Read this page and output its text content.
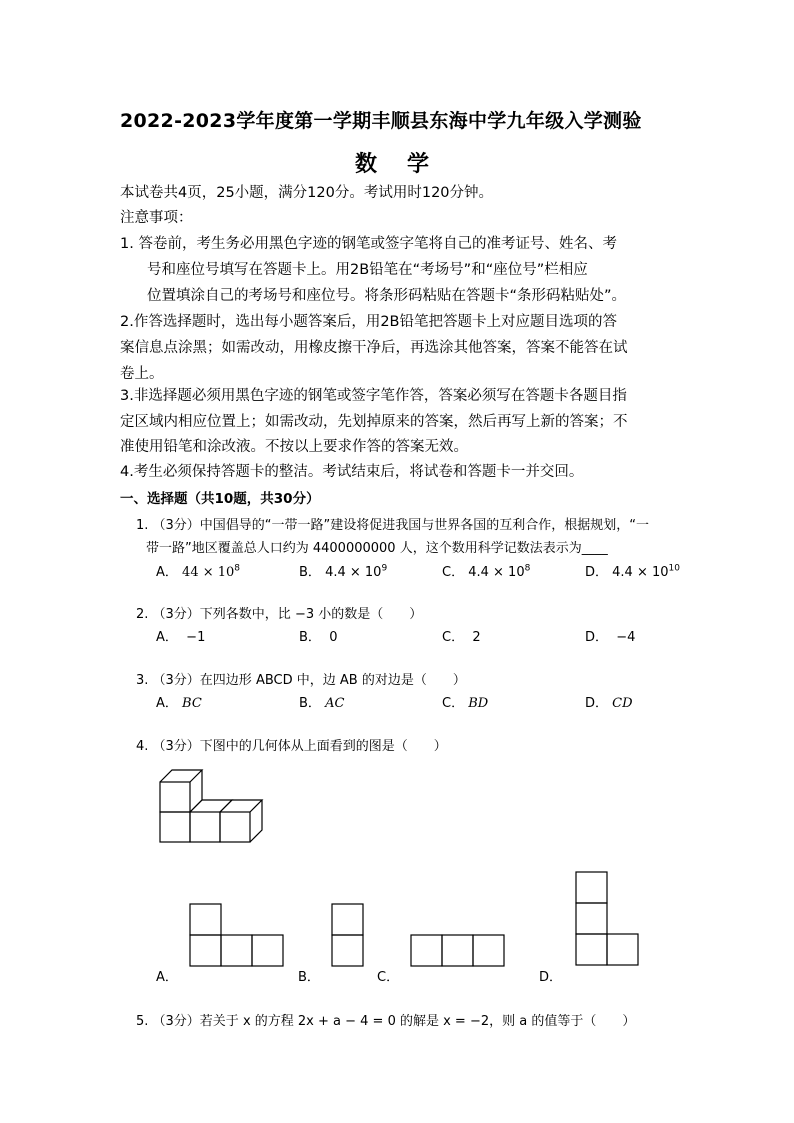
2022-2023学年度第一学期丰顺县东海中学九年级入学测验
数学
本试卷共4页，25小题，满分120分。考试用时120分钟。
注意事项：
1. 答卷前，考生务必用黑色字迹的钢笔或签字笔将自己的准考证号、姓名、考
号和座位号填写在答题卡上。用2B铅笔在“考场号”和“座位号”栏相应
位置填涂自己的考场号和座位号。将条形码粘贴在答题卡“条形码粘贴处”。
2.作答选择题时，选出每小题答案后，用2B铅笔把答题卡上对应题目选项的答
案信息点涂黑；如需改动，用橡皮擦干净后，再选涂其他答案，答案不能答在试
卷上。
3.非选择题必须用黑色字迹的钢笔或签字笔作答，答案必须写在答题卡各题目指
定区域内相应位置上；如需改动，先划掉原来的答案，然后再写上新的答案；不
准使用铅笔和涂改液。不按以上要求作答的答案无效。
4.考生必须保持答题卡的整洁。考试结束后，将试卷和答题卡一并交回。
一、选择题（共10题，共30分）
1. （3分）中国倡导的“一带一路”建设将促进我国与世界各国的互利合作，根据规划，“一
带一路”地区覆盖总人口约为 4400000000 人，这个数用科学记数法表示为____
A． $44 \times 10^8$	B． $4.4 \times 10^9$	C． $4.4 \times 10^8$	D． $4.4 \times 10^{10}$
2. （3分）下列各数中，比 −3 小的数是（　　）
A． −1	B． 0	C． 2	D． −4
3. （3分）在四边形 ABCD 中，边 AB 的对边是（　　）
A． BC	B． AC	C． BD	D． CD
4. （3分）下图中的几何体从上面看到的图是（　　）
A．	B．	C．	D．
5. （3分）若关于 x 的方程 2x + a − 4 = 0 的解是 x = −2，则 a 的值等于（　　）
